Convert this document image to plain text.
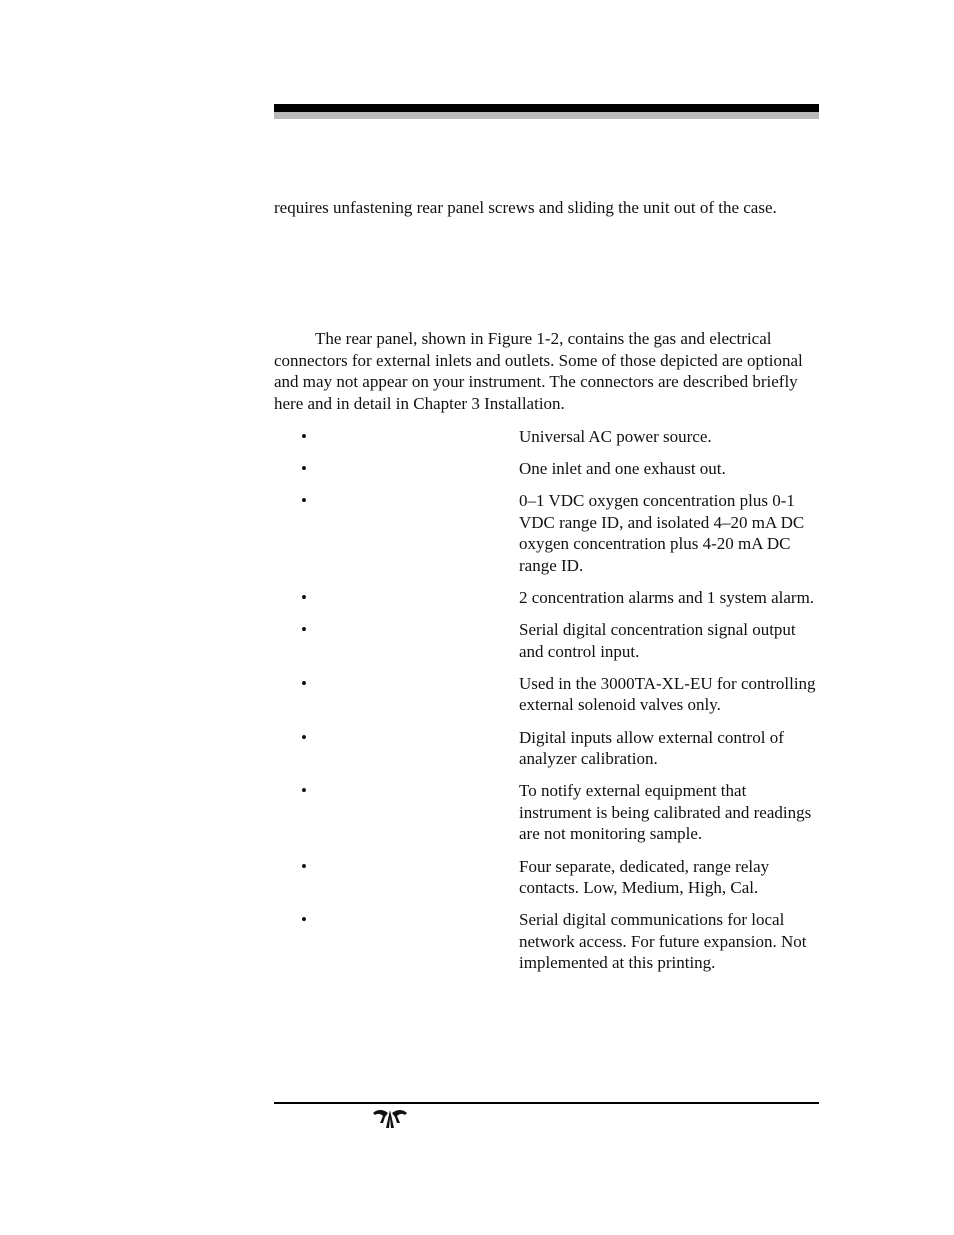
requires unfastening rear panel screws and sliding the unit out of the case.

The rear panel, shown in Figure 1-2, contains the gas and electrical connectors for external inlets and outlets. Some of those depicted are optional and may not appear on your instrument. The connectors are described briefly here and in detail in Chapter 3 Installation.

•	Universal AC power source.
•	One inlet and one exhaust out.
•	0–1 VDC oxygen concentration plus 0-1 VDC range ID, and isolated 4–20 mA DC oxygen concentration plus 4-20 mA DC range ID.
•	2 concentration alarms and 1 system alarm.
•	Serial digital concentration signal output and control input.
•	Used in the 3000TA-XL-EU for controlling external solenoid valves only.
•	Digital inputs allow external control of analyzer calibration.
•	To notify external equipment that instrument is being calibrated and readings are not monitoring sample.
•	Four separate, dedicated, range relay contacts. Low, Medium, High, Cal.
•	Serial digital communications for local network access. For future expansion. Not implemented at this printing.
